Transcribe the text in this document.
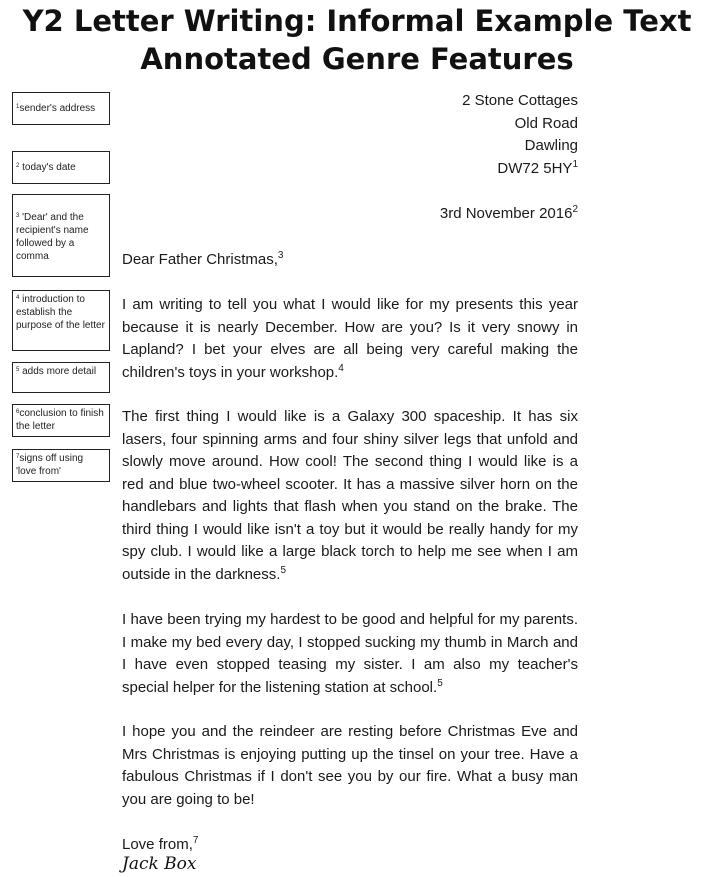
Y2 Letter Writing: Informal Example Text
Annotated Genre Features
$^1$sender's address
$^2$ today's date
$^3$ 'Dear' and the recipient's name followed by a comma
$^4$ introduction to establish the purpose of the letter
$^5$ adds more detail
$^6$conclusion to finish the letter
$^7$signs off using 'love from'
2 Stone Cottages
Old Road
Dawling
DW72 $5HY^1$
3rd November 2016$^2$
Dear Father Christmas,$^3$

I am writing to tell you what I would like for my presents this year because it is nearly December. How are you? Is it very snowy in Lapland? I bet your elves are all being very careful making the children's toys in your workshop.$^4$

The first thing I would like is a Galaxy 300 spaceship. It has six lasers, four spinning arms and four shiny silver legs that unfold and slowly move around. How cool! The second thing I would like is a red and blue two-wheel scooter. It has a massive silver horn on the handlebars and lights that flash when you stand on the brake. The third thing I would like isn't a toy but it would be really handy for my spy club. I would like a large black torch to help me see when I am outside in the darkness.$^5$

I have been trying my hardest to be good and helpful for my parents. I make my bed every day, I stopped sucking my thumb in March and I have even stopped teasing my sister. I am also my teacher's special helper for the listening station at school.$^5$

I hope you and the reindeer are resting before Christmas Eve and Mrs Christmas is enjoying putting up the tinsel on your tree. Have a fabulous Christmas if I don't see you by our fire. What a busy man you are going to be!

Love from,$^7$
Jack Box
